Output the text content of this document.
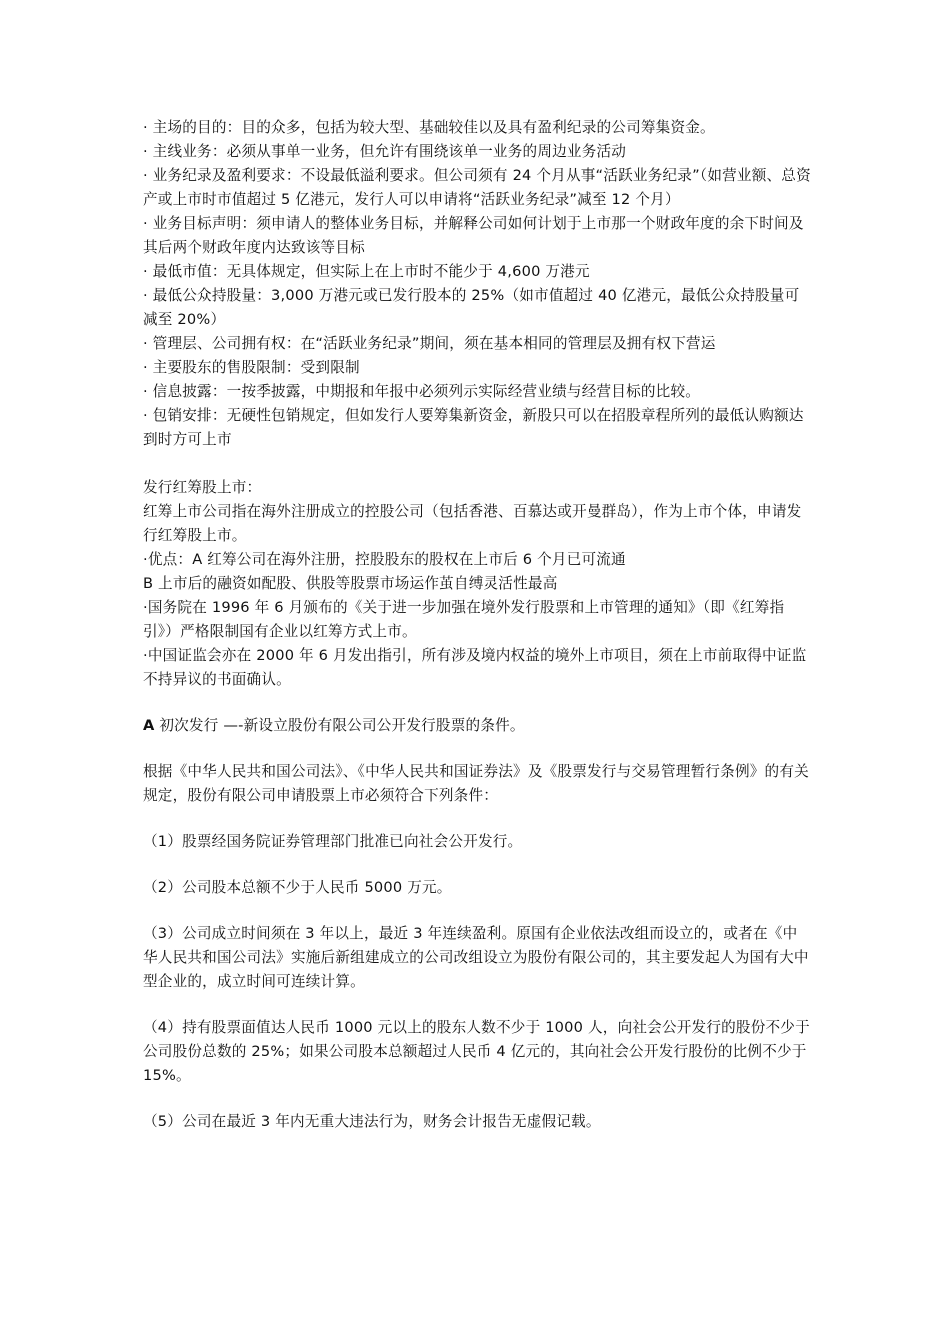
· 主场的目的：目的众多，包括为较大型、基础较佳以及具有盈利纪录的公司筹集资金。

· 主线业务：必须从事单一业务，但允许有围绕该单一业务的周边业务活动

· 业务纪录及盈利要求：不设最低溢利要求。但公司须有 24 个月从事“活跃业务纪录”（如营业额、总资产或上市时市值超过 5 亿港元，发行人可以申请将“活跃业务纪录”减至 12 个月）

· 业务目标声明：须申请人的整体业务目标，并解释公司如何计划于上市那一个财政年度的余下时间及其后两个财政年度内达致该等目标

· 最低市值：无具体规定，但实际上在上市时不能少于 4,600 万港元

· 最低公众持股量：3,000 万港元或已发行股本的 25%（如市值超过 40 亿港元，最低公众持股量可减至 20%）

· 管理层、公司拥有权：在“活跃业务纪录”期间，须在基本相同的管理层及拥有权下营运

· 主要股东的售股限制：受到限制

· 信息披露：一按季披露，中期报和年报中必须列示实际经营业绩与经营目标的比较。

· 包销安排：无硬性包销规定，但如发行人要筹集新资金，新股只可以在招股章程所列的最低认购额达到时方可上市

发行红筹股上市：

红筹上市公司指在海外注册成立的控股公司（包括香港、百慕达或开曼群岛），作为上市个体，申请发行红筹股上市。

·优点：A 红筹公司在海外注册，控股股东的股权在上市后 6 个月已可流通

B 上市后的融资如配股、供股等股票市场运作茧自缚灵活性最高

·国务院在 1996 年 6 月颁布的《关于进一步加强在境外发行股票和上市管理的通知》（即《红筹指引》）严格限制国有企业以红筹方式上市。

·中国证监会亦在 2000 年 6 月发出指引，所有涉及境内权益的境外上市项目，须在上市前取得中证监不持异议的书面确认。

A 初次发行 —-新设立股份有限公司公开发行股票的条件。

根据《中华人民共和国公司法》、《中华人民共和国证券法》及《股票发行与交易管理暂行条例》的有关规定，股份有限公司申请股票上市必须符合下列条件：

（1）股票经国务院证券管理部门批准已向社会公开发行。

（2）公司股本总额不少于人民币 5000 万元。

（3）公司成立时间须在 3 年以上，最近 3 年连续盈利。原国有企业依法改组而设立的，或者在《中华人民共和国公司法》实施后新组建成立的公司改组设立为股份有限公司的，其主要发起人为国有大中型企业的，成立时间可连续计算。

（4）持有股票面值达人民币 1000 元以上的股东人数不少于 1000 人，向社会公开发行的股份不少于公司股份总数的 25%；如果公司股本总额超过人民币 4 亿元的，其向社会公开发行股份的比例不少于 15%。

（5）公司在最近 3 年内无重大违法行为，财务会计报告无虚假记载。
